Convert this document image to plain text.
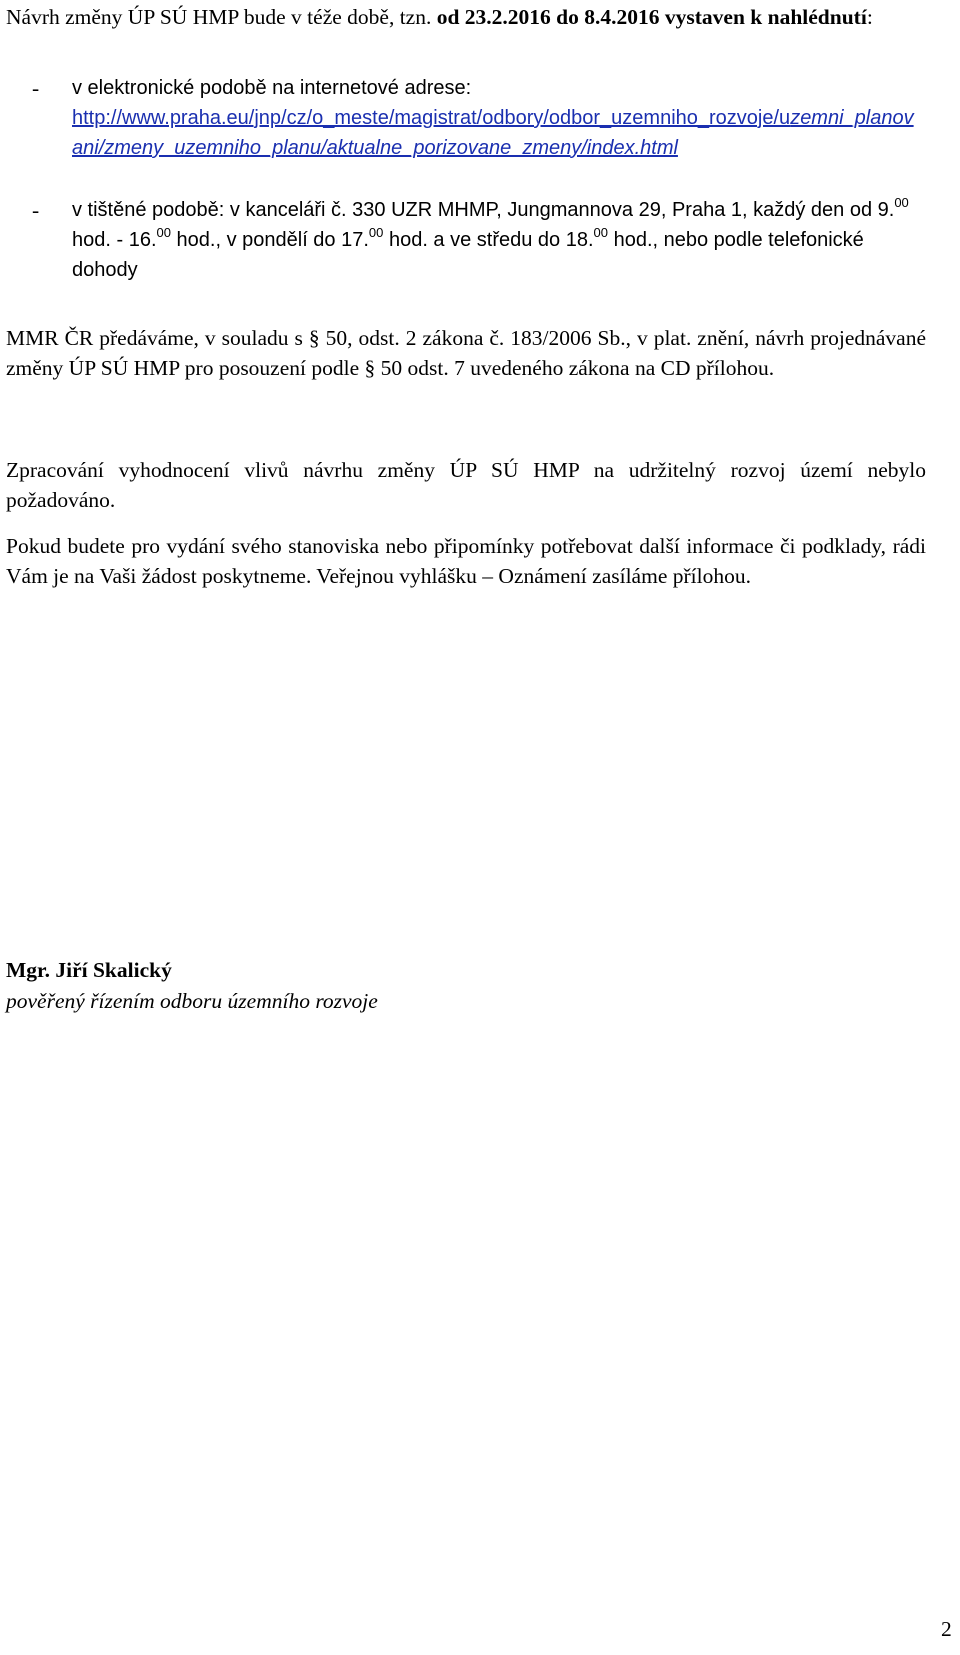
Návrh změny ÚP SÚ HMP bude v téže době, tzn. od 23.2.2016 do 8.4.2016 vystaven k nahlédnutí:

- v elektronické podobě na internetové adrese:
http://www.praha.eu/jnp/cz/o_meste/magistrat/odbory/odbor_uzemniho_rozvoje/uzemni_planovani/zmeny_uzemniho_planu/aktualne_porizovane_zmeny/index.html
- v tištěné podobě: v kanceláři č. 330 UZR MHMP, Jungmannova 29, Praha 1, každý den od 9.00 hod. - 16.00 hod., v pondělí do 17.00 hod. a ve středu do 18.00 hod., nebo podle telefonické dohody

MMR ČR předáváme, v souladu s § 50, odst. 2 zákona č. 183/2006 Sb., v plat. znění, návrh projednávané změny ÚP SÚ HMP pro posouzení podle § 50 odst. 7 uvedeného zákona na CD přílohou.

Zpracování vyhodnocení vlivů návrhu změny ÚP SÚ HMP na udržitelný rozvoj území nebylo požadováno.

Pokud budete pro vydání svého stanoviska nebo připomínky potřebovat další informace či podklady, rádi Vám je na Vaši žádost poskytneme. Veřejnou vyhlášku – Oznámení zasíláme přílohou.

Mgr. Jiří Skalický

pověřený řízením odboru územního rozvoje

2
